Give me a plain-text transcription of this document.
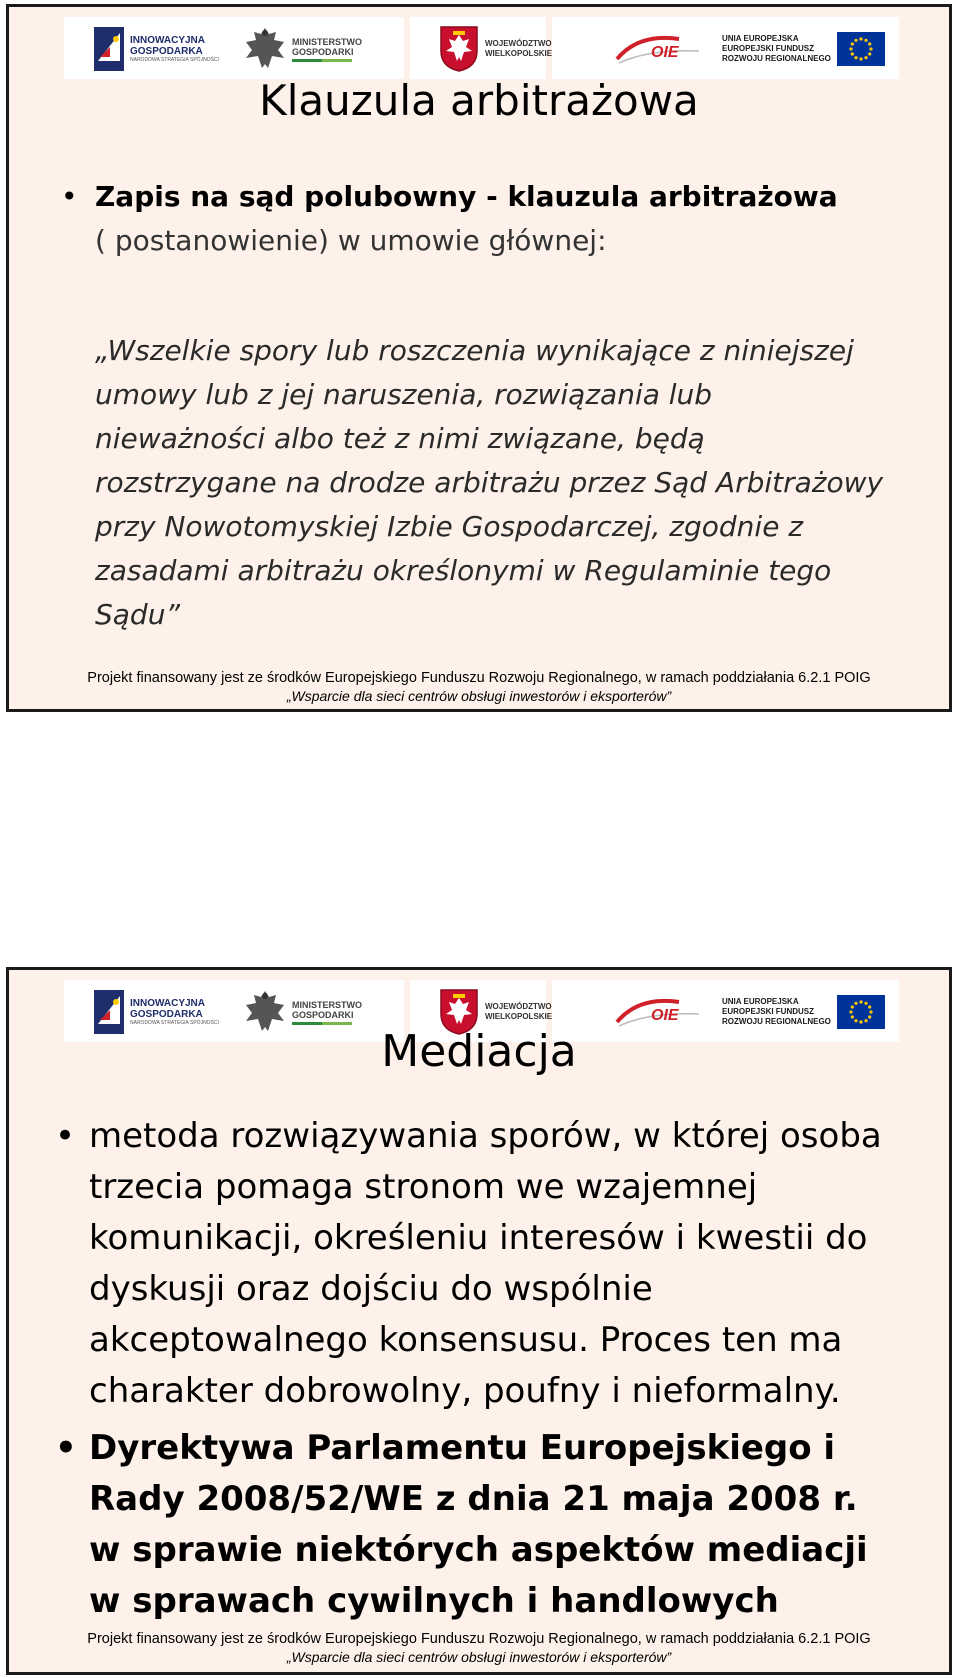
INNOWACYJNA
GOSPODARKA
NARODOWA STRATEGIA SPÓJNOŚCI
MINISTERSTWO
GOSPODARKI
WOJEWÓDZTWO
WIELKOPOLSKIE	OIE
UNIA EUROPEJSKA
EUROPEJSKI FUNDUSZ
ROZWOJU REGIONALNEGO
Klauzula arbitrażowa
• Zapis na sąd polubowny - klauzula arbitrażowa
( postanowienie) w umowie głównej:
„Wszelkie spory lub roszczenia wynikające z niniejszej umowy lub z jej naruszenia, rozwiązania lub nieważności albo też z nimi związane, będą rozstrzygane na drodze arbitrażu przez Sąd Arbitrażowy przy Nowotomyskiej Izbie Gospodarczej, zgodnie z zasadami arbitrażu określonymi w Regulaminie tego Sądu”
Projekt finansowany jest ze środków Europejskiego Funduszu Rozwoju Regionalnego, w ramach poddziałania 6.2.1 POIG
„Wsparcie dla sieci centrów obsługi inwestorów i eksporterów”
INNOWACYJNA
GOSPODARKA
NARODOWA STRATEGIA SPÓJNOŚCI
MINISTERSTWO
GOSPODARKI
WOJEWÓDZTWO
WIELKOPOLSKIE	OIE
UNIA EUROPEJSKA
EUROPEJSKI FUNDUSZ
ROZWOJU REGIONALNEGO
Mediacja
• metoda rozwiązywania sporów, w której osoba trzecia pomaga stronom we wzajemnej komunikacji, określeniu interesów i kwestii do dyskusji oraz dojściu do wspólnie akceptowalnego konsensusu. Proces ten ma charakter dobrowolny, poufny i nieformalny.
• Dyrektywa Parlamentu Europejskiego i Rady 2008/52/WE z dnia 21 maja 2008 r. w sprawie niektórych aspektów mediacji w sprawach cywilnych i handlowych
Projekt finansowany jest ze środków Europejskiego Funduszu Rozwoju Regionalnego, w ramach poddziałania 6.2.1 POIG
„Wsparcie dla sieci centrów obsługi inwestorów i eksporterów”
